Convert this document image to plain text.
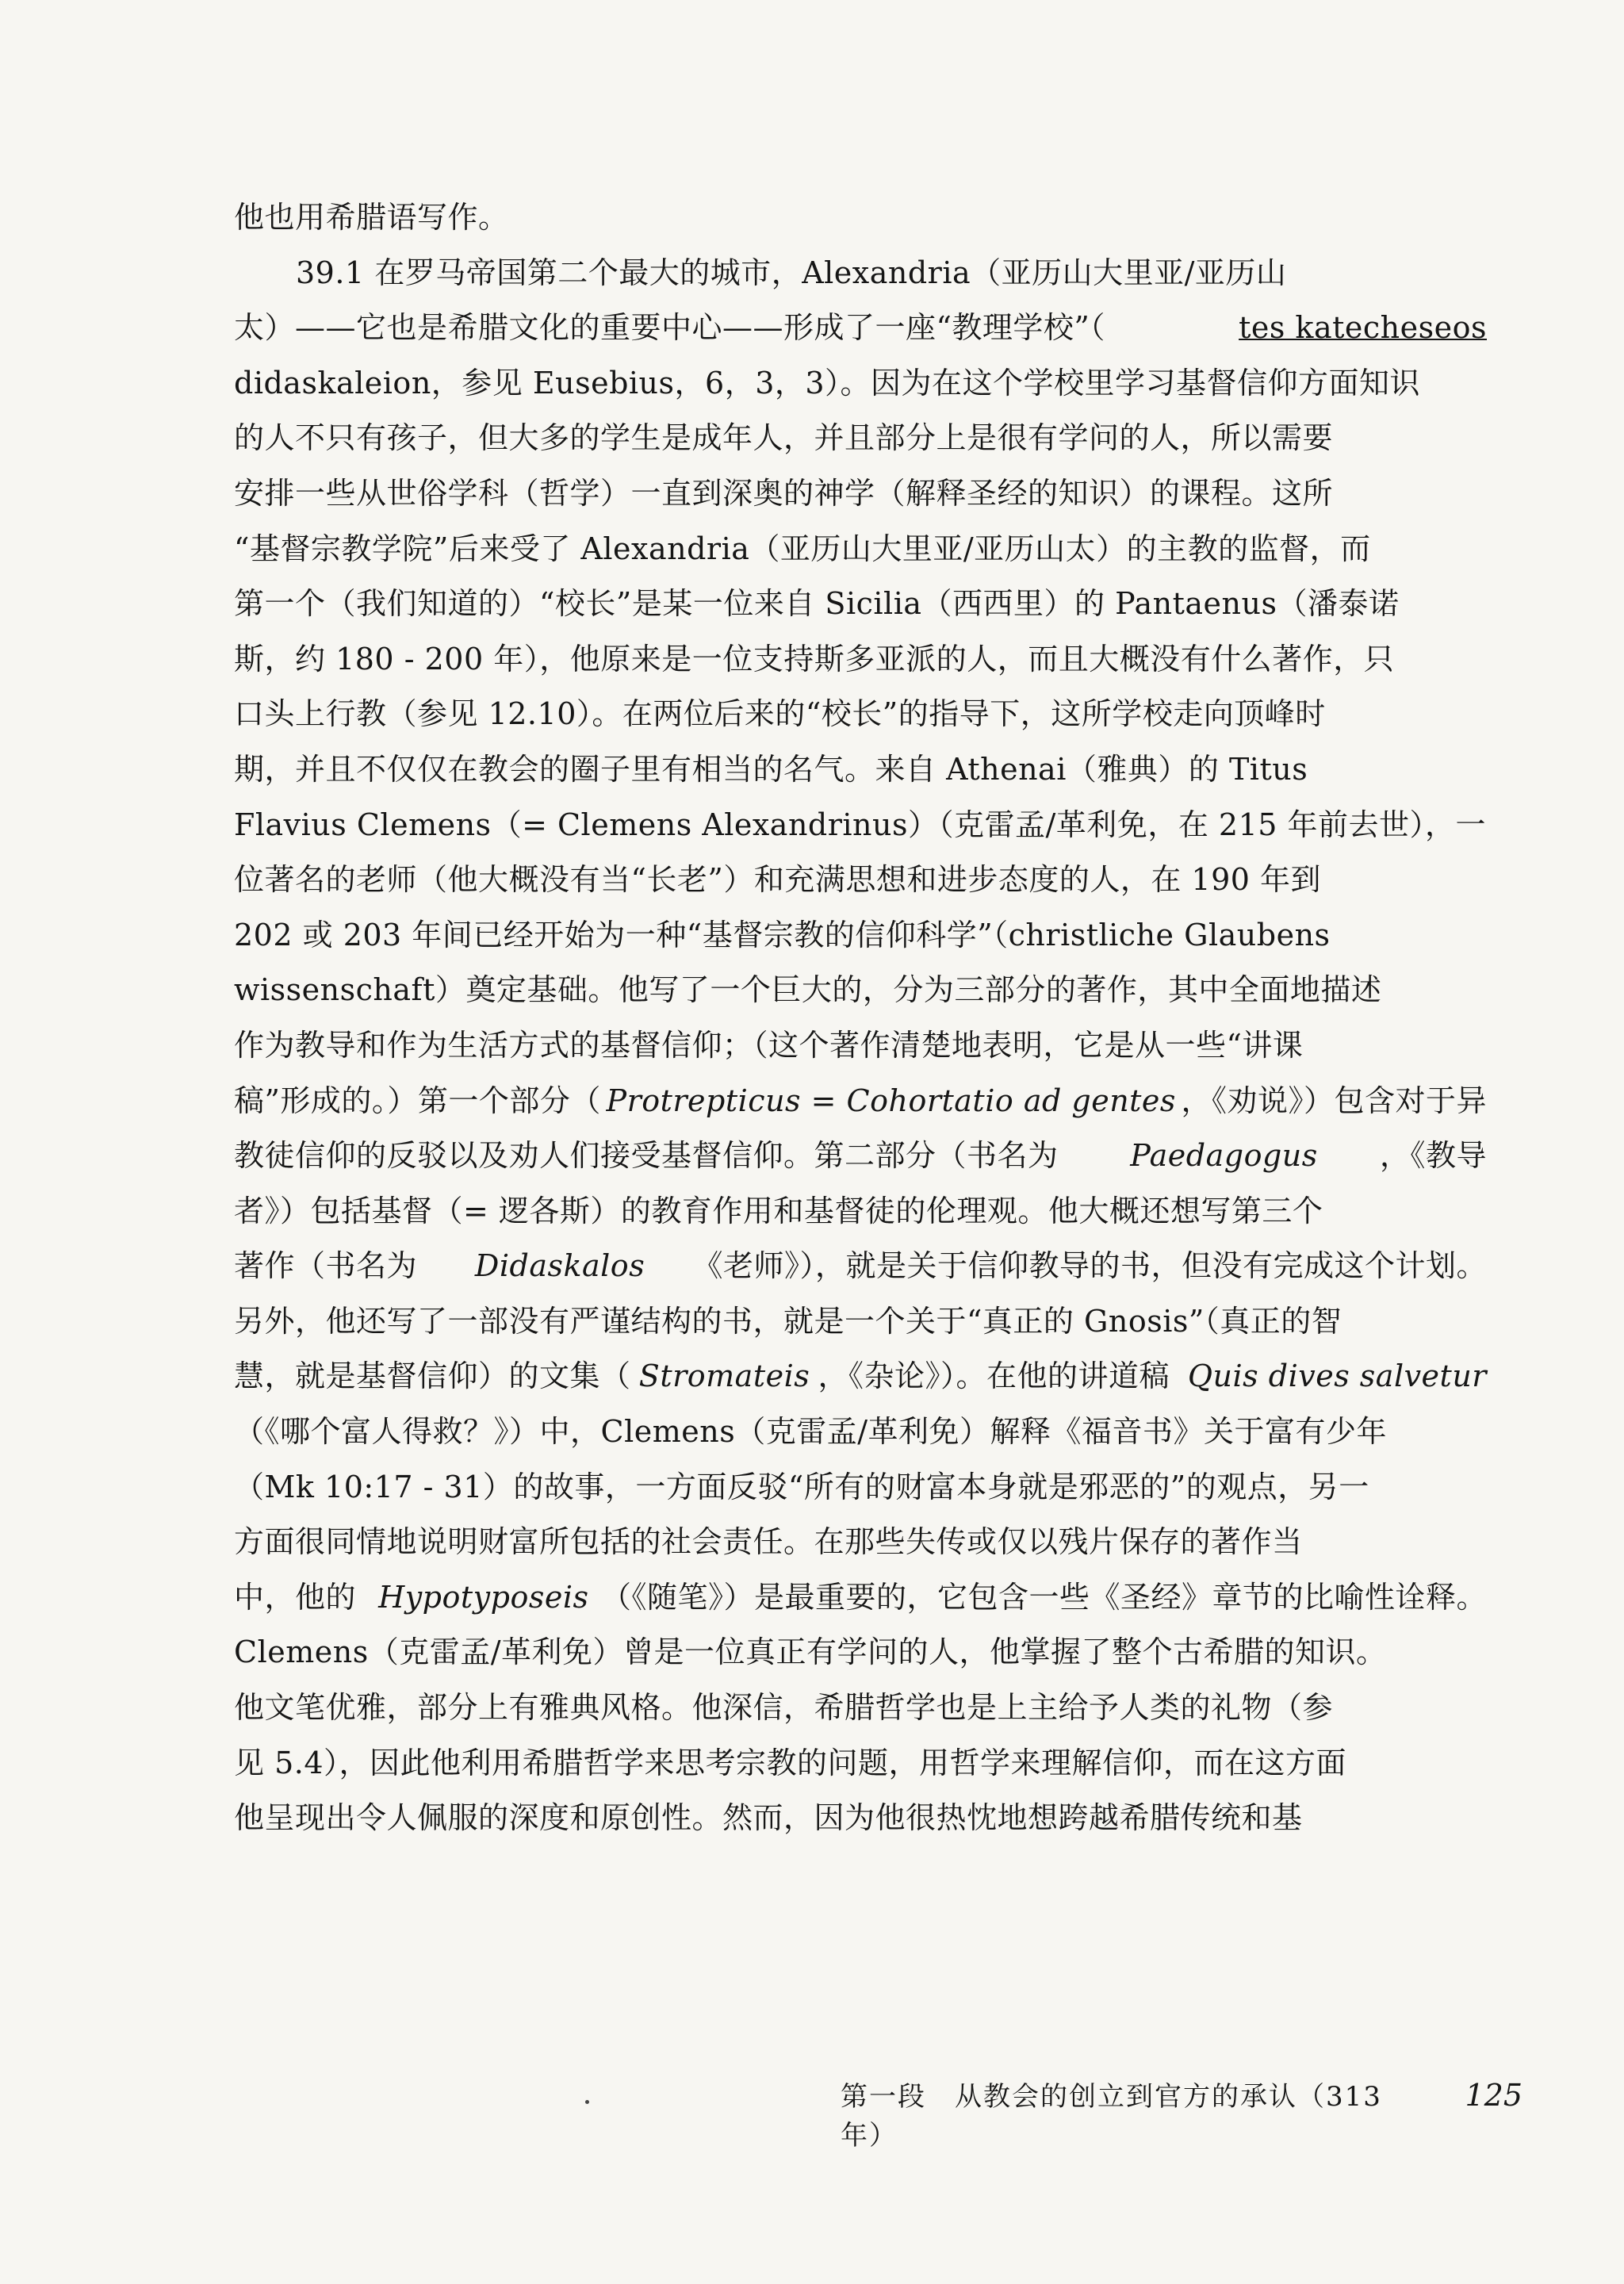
他也用希腊语写作。
39.1 在罗马帝国第二个最大的城市，Alexandria（亚历山大里亚/亚历山
太）——它也是希腊文化的重要中心——形成了一座“教理学校”（	tes katecheseos
didaskaleion，参见 Eusebius，6，3，3）。因为在这个学校里学习基督信仰方面知识
的人不只有孩子，但大多的学生是成年人，并且部分上是很有学问的人，所以需要
安排一些从世俗学科（哲学）一直到深奥的神学（解释圣经的知识）的课程。这所
“基督宗教学院”后来受了 Alexandria（亚历山大里亚/亚历山太）的主教的监督，而
第一个（我们知道的）“校长”是某一位来自 Sicilia（西西里）的 Pantaenus（潘泰诺
斯，约 180 - 200 年），他原来是一位支持斯多亚派的人，而且大概没有什么著作，只
口头上行教（参见 12.10）。在两位后来的“校长”的指导下，这所学校走向顶峰时
期，并且不仅仅在教会的圈子里有相当的名气。来自 Athenai（雅典）的 Titus
Flavius Clemens（= Clemens Alexandrinus）（克雷孟/革利免，在 215 年前去世），一
位著名的老师（他大概没有当“长老”）和充满思想和进步态度的人，在 190 年到
202 或 203 年间已经开始为一种“基督宗教的信仰科学”（christliche Glaubens
wissenschaft）奠定基础。他写了一个巨大的，分为三部分的著作，其中全面地描述
作为教导和作为生活方式的基督信仰；（这个著作清楚地表明，它是从一些“讲课
稿”形成的。）第一个部分（ Protrepticus = Cohortatio ad gentes ，《劝说》）包含对于异
教徒信仰的反驳以及劝人们接受基督信仰。第二部分（书名为 Paedagogus ，《教导
者》）包括基督（= 逻各斯）的教育作用和基督徒的伦理观。他大概还想写第三个
著作（书名为 Didaskalos 《老师》），就是关于信仰教导的书，但没有完成这个计划。
另外，他还写了一部没有严谨结构的书，就是一个关于“真正的 Gnosis”（真正的智
慧，就是基督信仰）的文集（ Stromateis ，《杂论》）。在他的讲道稿 Quis dives salvetur
（《哪个富人得救？》）中，Clemens（克雷孟/革利免）解释《福音书》关于富有少年
（Mk 10:17 - 31）的故事，一方面反驳“所有的财富本身就是邪恶的”的观点，另一
方面很同情地说明财富所包括的社会责任。在那些失传或仅以残片保存的著作当
中，他的 Hypotyposeis （《随笔》）是最重要的，它包含一些《圣经》章节的比喻性诠释。
Clemens（克雷孟/革利免）曾是一位真正有学问的人，他掌握了整个古希腊的知识。
他文笔优雅，部分上有雅典风格。他深信，希腊哲学也是上主给予人类的礼物（参
见 5.4），因此他利用希腊哲学来思考宗教的问题，用哲学来理解信仰，而在这方面
他呈现出令人佩服的深度和原创性。然而，因为他很热忱地想跨越希腊传统和基
第一段　从教会的创立到官方的承认（313 年）
125
